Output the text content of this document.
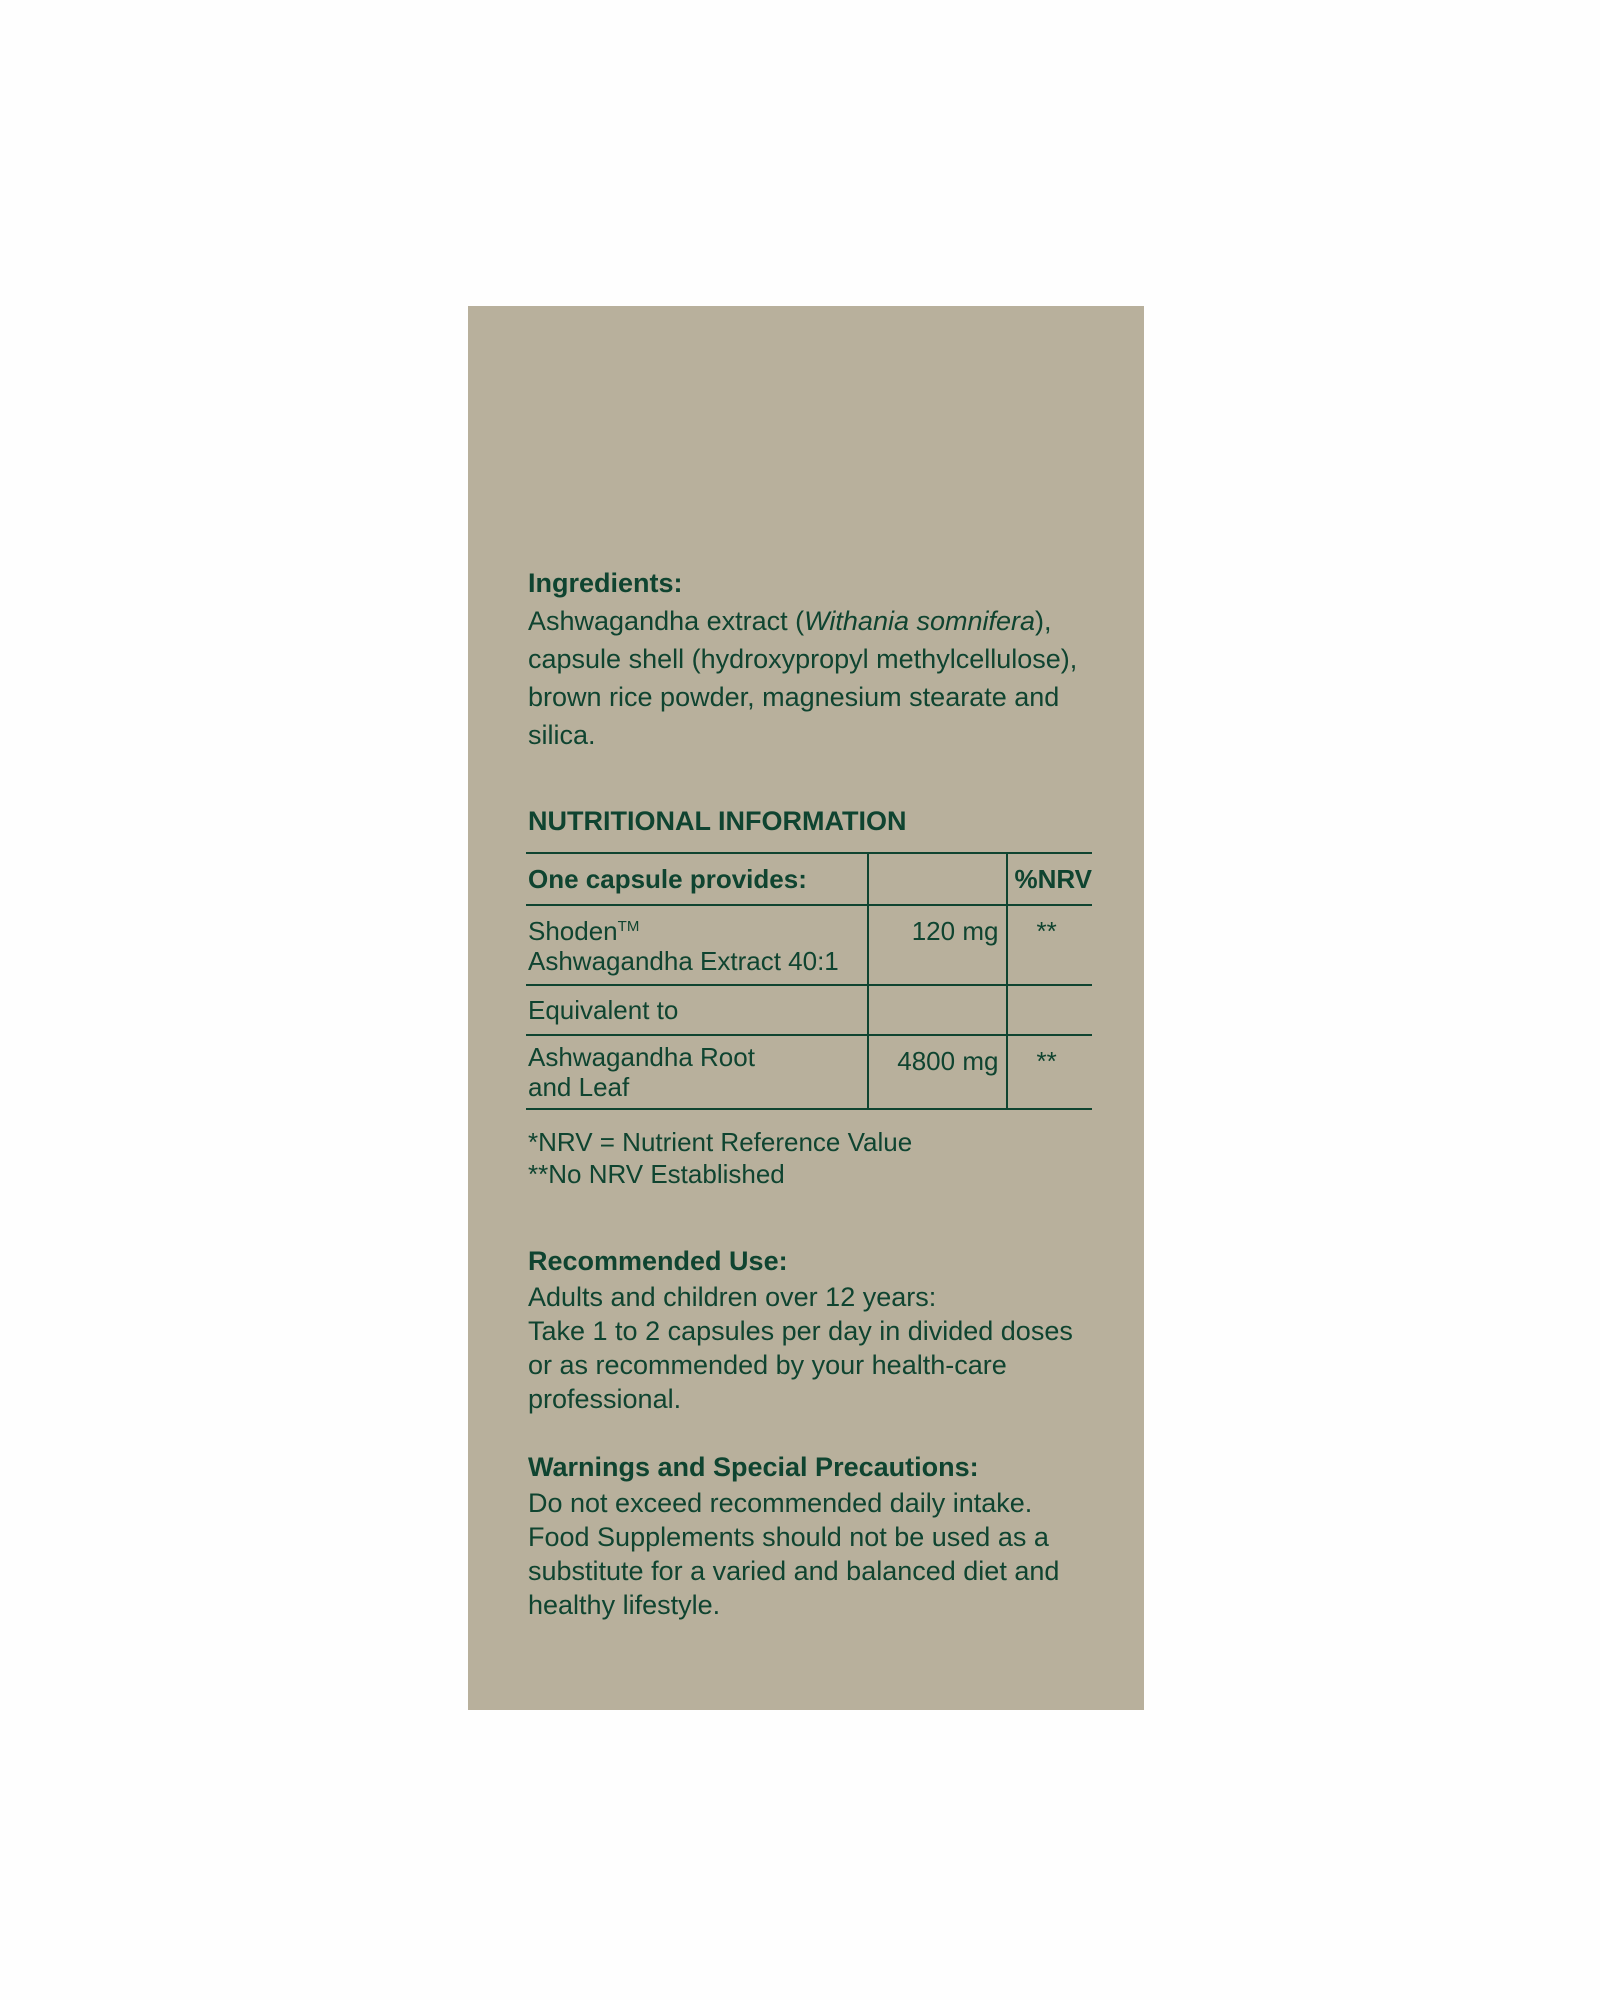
Ingredients:

Ashwagandha extract (Withania somnifera), capsule shell (hydroxypropyl methylcellulose), brown rice powder, magnesium stearate and silica.

NUTRITIONAL INFORMATION

One capsule provides:		%NRV

Shoden™
Ashwagandha Extract 40:1	120 mg	**

Equivalent to		

Ashwagandha Root
and Leaf	4800 mg	**
*NRV = Nutrient Reference Value
**No NRV Established

Recommended Use:

Adults and children over 12 years:

Take 1 to 2 capsules per day in divided doses or as recommended by your health-care professional.

Warnings and Special Precautions:

Do not exceed recommended daily intake. Food Supplements should not be used as a substitute for a varied and balanced diet and healthy lifestyle.
